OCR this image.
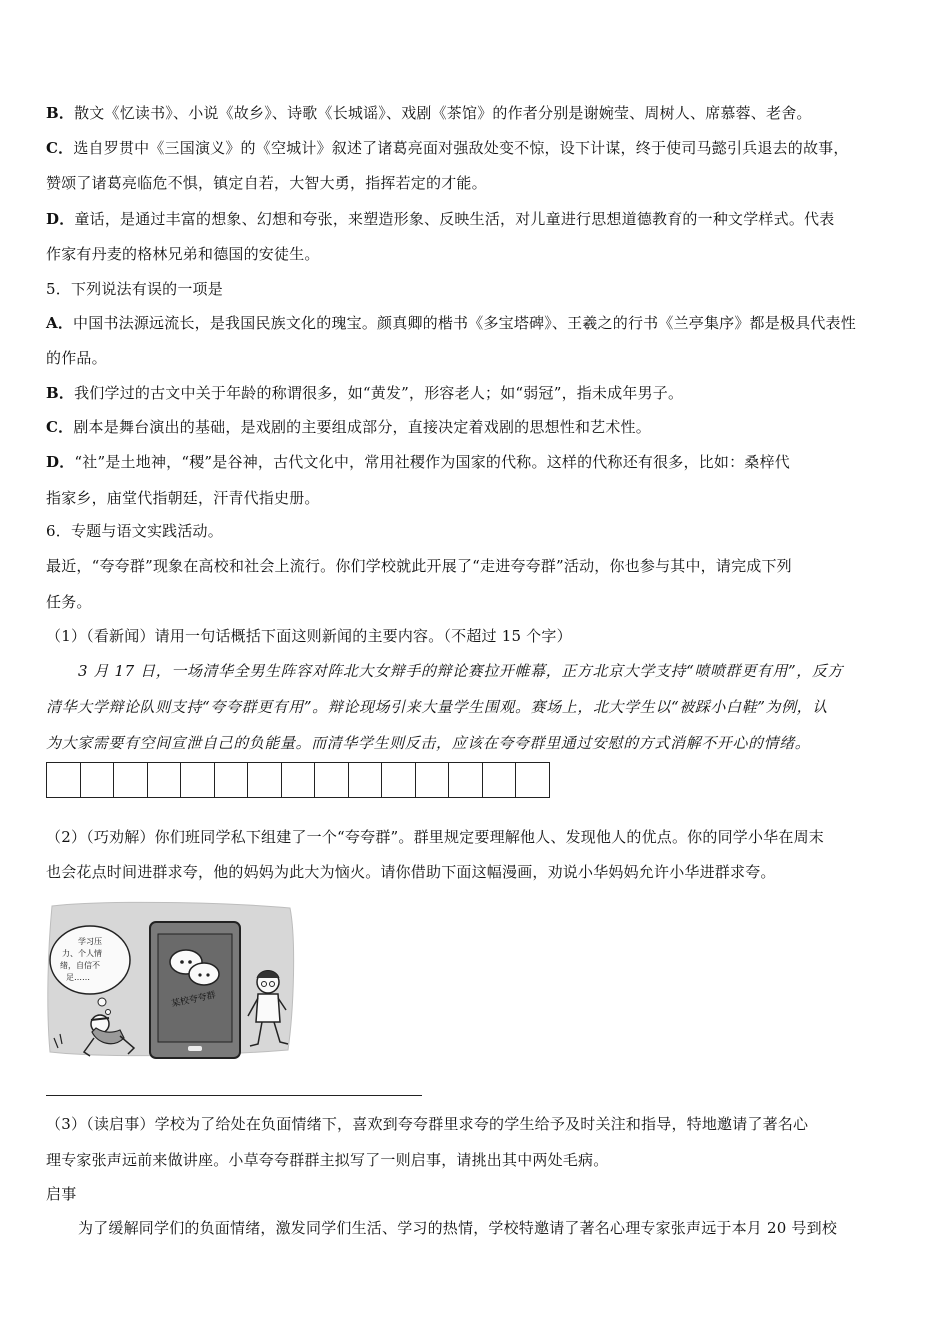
B．散文《忆读书》、小说《故乡》、诗歌《长城谣》、戏剧《茶馆》的作者分别是谢婉莹、周树人、席慕蓉、老舍。
C．选自罗贯中《三国演义》的《空城计》叙述了诸葛亮面对强敌处变不惊，设下计谋，终于使司马懿引兵退去的故事，
赞颂了诸葛亮临危不惧，镇定自若，大智大勇，指挥若定的才能。
D．童话，是通过丰富的想象、幻想和夸张，来塑造形象、反映生活，对儿童进行思想道德教育的一种文学样式。代表
作家有丹麦的格林兄弟和德国的安徒生。
5．下列说法有误的一项是
A．中国书法源远流长，是我国民族文化的瑰宝。颜真卿的楷书《多宝塔碑》、王羲之的行书《兰亭集序》都是极具代表性
的作品。
B．我们学过的古文中关于年龄的称谓很多，如“黄发”，形容老人；如“弱冠”，指未成年男子。
C．剧本是舞台演出的基础，是戏剧的主要组成部分，直接决定着戏剧的思想性和艺术性。
D．“社”是土地神，“稷”是谷神，古代文化中，常用社稷作为国家的代称。这样的代称还有很多，比如：桑梓代
指家乡，庙堂代指朝廷，汗青代指史册。
6．专题与语文实践活动。
最近，“夸夸群”现象在高校和社会上流行。你们学校就此开展了“走进夸夸群”活动，你也参与其中，请完成下列
任务。
（1）（看新闻）请用一句话概括下面这则新闻的主要内容。（不超过 15 个字）
3 月 17 日，一场清华全男生阵容对阵北大女辩手的辩论赛拉开帷幕，正方北京大学支持“喷喷群更有用”，反方
清华大学辩论队则支持“夸夸群更有用”。辩论现场引来大量学生围观。赛场上，北大学生以“被踩小白鞋”为例，认
为大家需要有空间宣泄自己的负能量。而清华学生则反击，应该在夸夸群里通过安慰的方式消解不开心的情绪。
（2）（巧劝解）你们班同学私下组建了一个“夸夸群”。群里规定要理解他人、发现他人的优点。你的同学小华在周末
也会花点时间进群求夸，他的妈妈为此大为恼火。请你借助下面这幅漫画，劝说小华妈妈允许小华进群求夸。
某校夸夸群
学习压
力、个人情
绪，自信不
足……
（3）（读启事）学校为了给处在负面情绪下，喜欢到夸夸群里求夸的学生给予及时关注和指导，特地邀请了著名心
理专家张声远前来做讲座。小草夸夸群群主拟写了一则启事，请挑出其中两处毛病。
启事
为了缓解同学们的负面情绪，激发同学们生活、学习的热情，学校特邀请了著名心理专家张声远于本月 20 号到校
